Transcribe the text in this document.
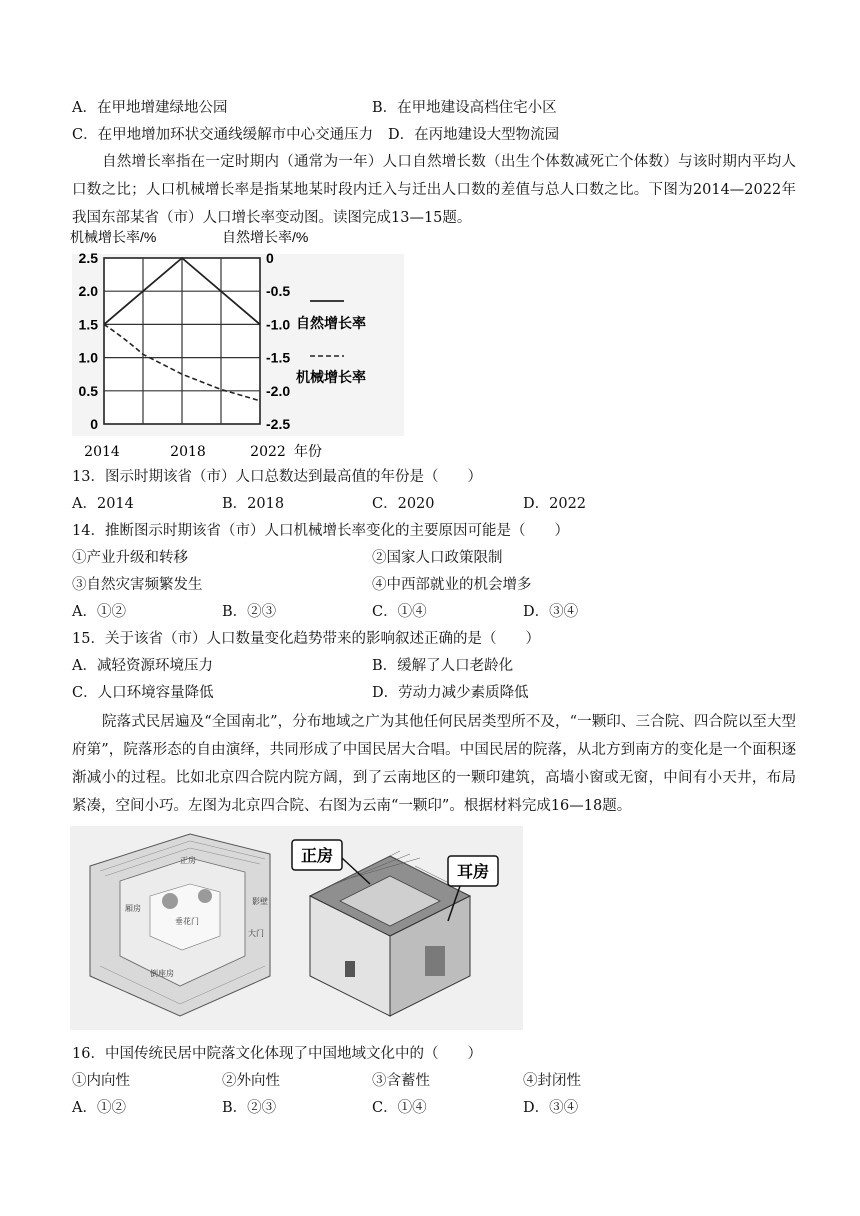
A．在甲地增建绿地公园	B．在甲地建设高档住宅小区
C．在甲地增加环状交通线缓解市中心交通压力 D．在丙地建设大型物流园
自然增长率指在一定时期内（通常为一年）人口自然增长数（出生个体数减死亡个体数）与该时期内平均人口数之比；人口机械增长率是指某地某时段内迁入与迁出人口数的差值与总人口数之比。下图为2014—2022年我国东部某省（市）人口增长率变动图。读图完成13—15题。
机械增长率/%	自然增长率/%
0
0.5
1.0
1.5
2.0
2.5	0
-0.5
-1.0
-1.5
-2.0
-2.5
自然增长率
机械增长率
2014	2018	2022 年份
13．图示时期该省（市）人口总数达到最高值的年份是（　　）
A．2014	B．2018	C．2020	D．2022
14．推断图示时期该省（市）人口机械增长率变化的主要原因可能是（　　）
①产业升级和转移	②国家人口政策限制
③自然灾害频繁发生	④中西部就业的机会增多
A．①②	B．②③	C．①④	D．③④
15．关于该省（市）人口数量变化趋势带来的影响叙述正确的是（　　）
A．减轻资源环境压力	B．缓解了人口老龄化
C．人口环境容量降低	D．劳动力减少素质降低
院落式民居遍及“全国南北”，分布地域之广为其他任何民居类型所不及，“一颗印、三合院、四合院以至大型府第”，院落形态的自由演绎，共同形成了中国民居大合唱。中国民居的院落，从北方到南方的变化是一个面积逐渐减小的过程。比如北京四合院内院方阔，到了云南地区的一颗印建筑，高墙小窗或无窗，中间有小天井，布局紧凑，空间小巧。左图为北京四合院、右图为云南“一颗印”。根据材料完成16—18题。
正房
厢房
垂花门
倒座房
影壁
大门
正房
耳房
16．中国传统民居中院落文化体现了中国地域文化中的（　　）
①内向性	②外向性	③含蓄性	④封闭性
A．①②	B．②③	C．①④	D．③④
